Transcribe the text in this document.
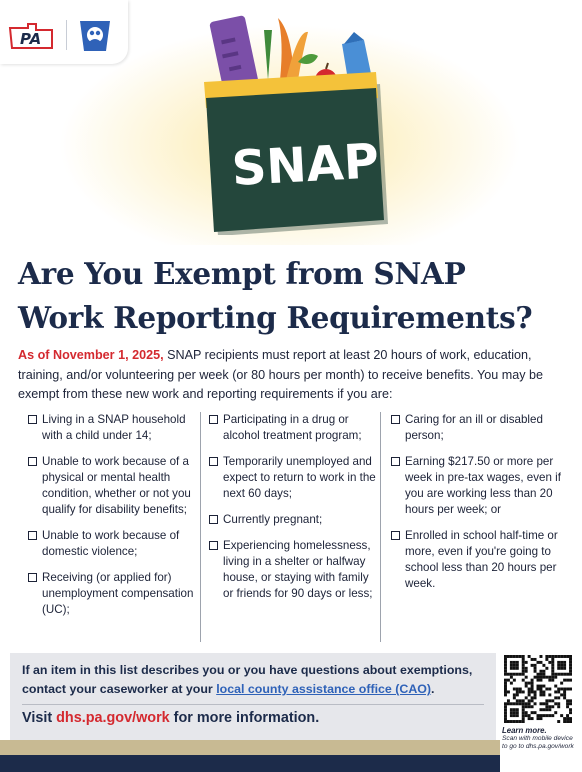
PA
SNAP
Are You Exempt from SNAP
Work Reporting Requirements?

As of November 1, 2025, SNAP recipients must report at least 20 hours of work, education, training, and/or volunteering per week (or 80 hours per month) to receive benefits. You may be exempt from these new work and reporting requirements if you are:

Living in a SNAP household with a child under 14;
Unable to work because of a physical or mental health condition, whether or not you qualify for disability benefits;
Unable to work because of domestic violence;
Receiving (or applied for) unemployment compensation (UC);
Participating in a drug or alcohol treatment program;
Temporarily unemployed and expect to return to work in the next 60 days;
Currently pregnant;
Experiencing homelessness, living in a shelter or halfway house, or staying with family or friends for 90 days or less;
Caring for an ill or disabled person;
Earning $217.50 or more per week in pre-tax wages, even if you are working less than 20 hours per week; or
Enrolled in school half-time or more, even if you're going to school less than 20 hours per week.

If an item in this list describes you or you have questions about exemptions, contact your caseworker at your local county assistance office (CAO).

Visit dhs.pa.gov/work for more information.

Learn more.
Scan with mobile device to go to dhs.pa.gov/work
